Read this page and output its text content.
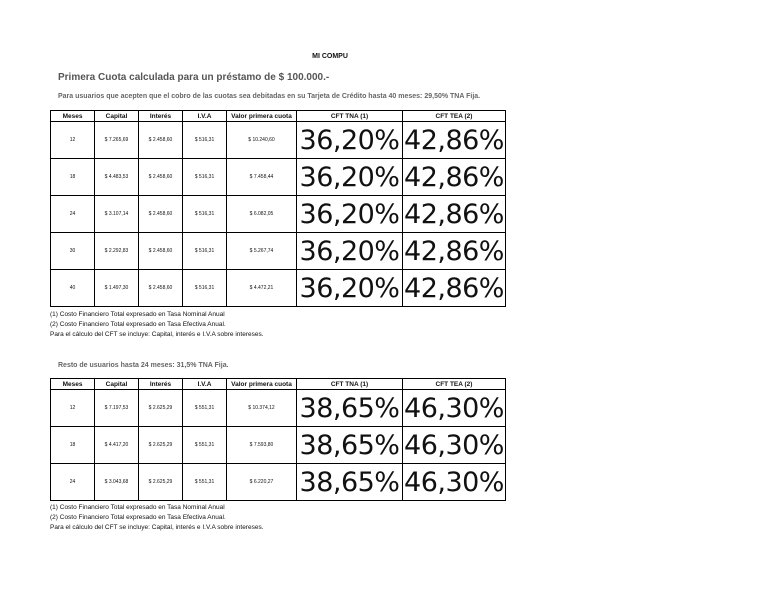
MI COMPU
Primera Cuota calculada para un préstamo de $ 100.000.-
Para usuarios que acepten que el cobro de las cuotas sea debitadas en su Tarjeta de Crédito hasta 40 meses: 29,50% TNA Fija.
Meses	Capital	Interés	I.V.A	Valor primera cuota	CFT TNA (1)	CFT TEA (2)
12	$ 7.265,69	$ 2.458,60	$ 516,31	$ 10.240,60	36,20%	42,86%
18	$ 4.483,53	$ 2.458,60	$ 516,31	$ 7.458,44	36,20%	42,86%
24	$ 3.107,14	$ 2.458,60	$ 516,31	$ 6.082,05	36,20%	42,86%
30	$ 2.292,83	$ 2.458,60	$ 516,31	$ 5.267,74	36,20%	42,86%
40	$ 1.497,30	$ 2.458,60	$ 516,31	$ 4.472,21	36,20%	42,86%
(1) Costo Financiero Total expresado en Tasa Nominal Anual
(2) Costo Financiero Total expresado en Tasa Efectiva Anual.
Para el cálculo del CFT se incluye: Capital, interés e I.V.A sobre intereses.
Resto de usuarios hasta 24 meses: 31,5% TNA Fija.
Meses	Capital	Interés	I.V.A	Valor primera cuota	CFT TNA (1)	CFT TEA (2)
12	$ 7.197,53	$ 2.625,29	$ 551,31	$ 10.374,12	38,65%	46,30%
18	$ 4.417,20	$ 2.625,29	$ 551,31	$ 7.593,80	38,65%	46,30%
24	$ 3.043,68	$ 2.625,29	$ 551,31	$ 6.220,27	38,65%	46,30%
(1) Costo Financiero Total expresado en Tasa Nominal Anual
(2) Costo Financiero Total expresado en Tasa Efectiva Anual.
Para el cálculo del CFT se incluye: Capital, interés e I.V.A sobre intereses.
